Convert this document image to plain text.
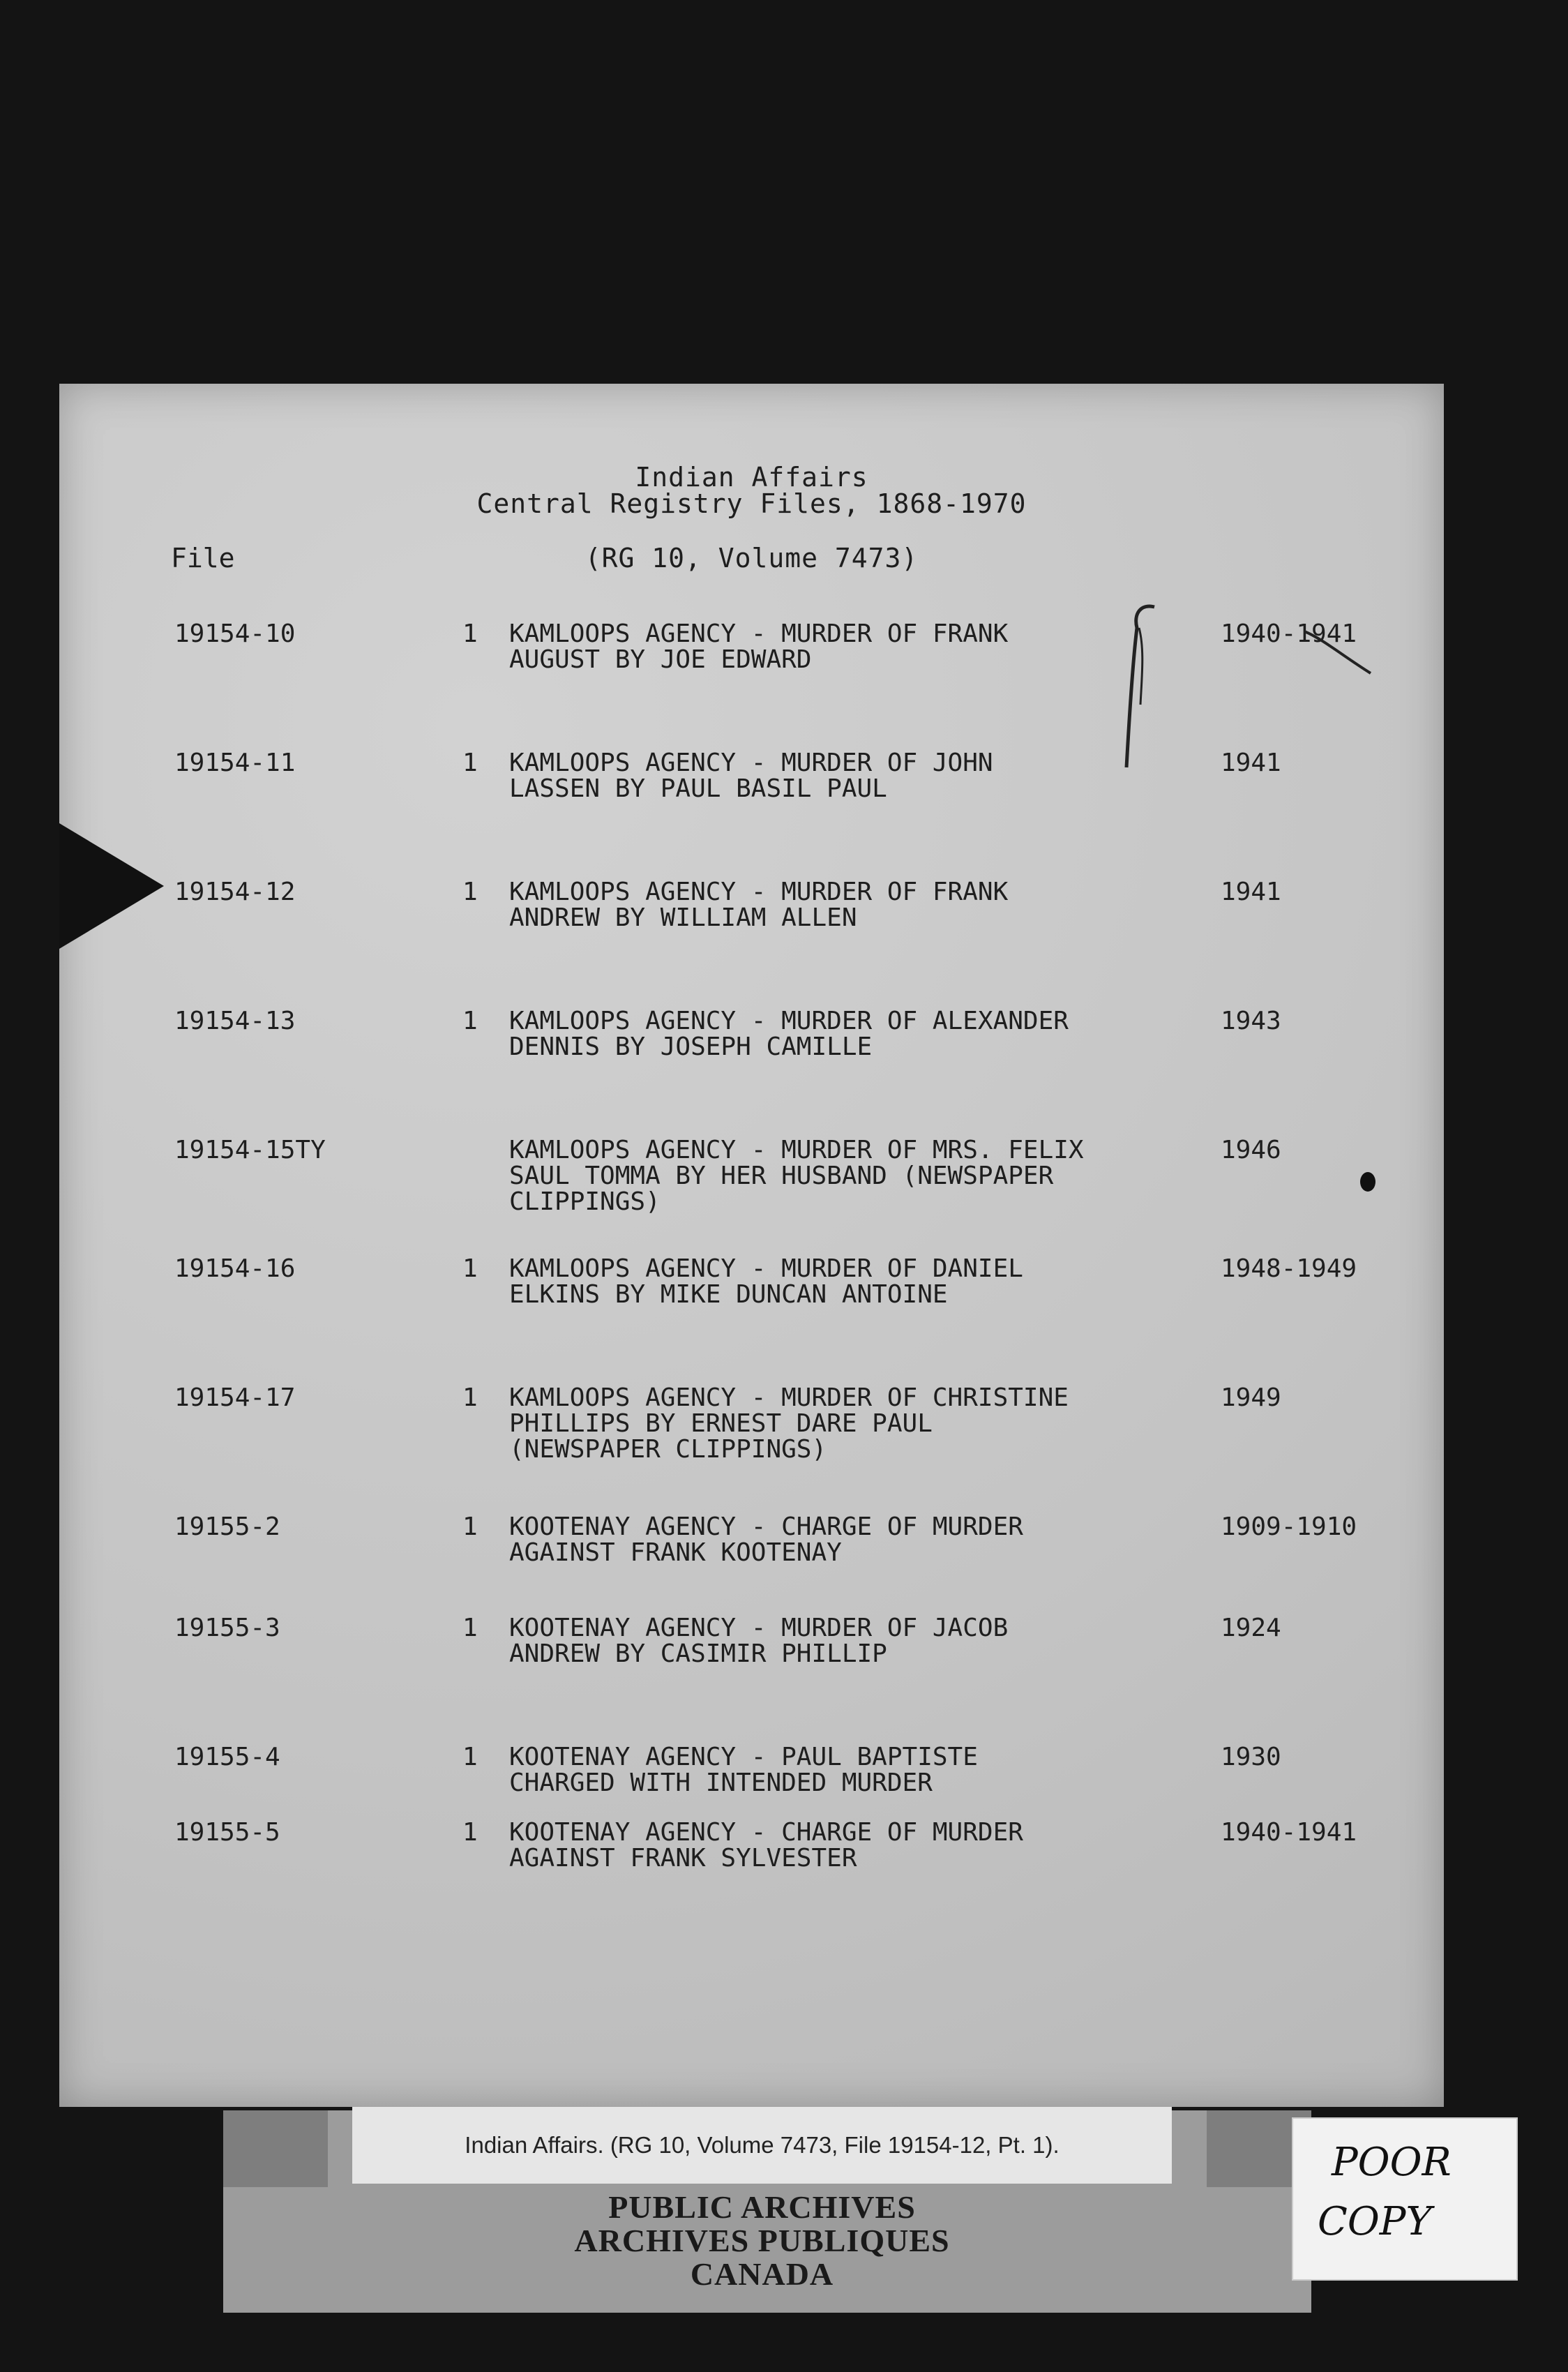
Indian Affairs
Central Registry Files, 1868-1970
(RG 10, Volume 7473)
File
19154-10	1 KAMLOOPS AGENCY - MURDER OF FRANK
AUGUST BY JOE EDWARD
1940-1941
19154-11	1 KAMLOOPS AGENCY - MURDER OF JOHN
LASSEN BY PAUL BASIL PAUL
1941
19154-12	1 KAMLOOPS AGENCY - MURDER OF FRANK
ANDREW BY WILLIAM ALLEN
1941
19154-13	1 KAMLOOPS AGENCY - MURDER OF ALEXANDER
DENNIS BY JOSEPH CAMILLE
1943
19154-15TY	KAMLOOPS AGENCY - MURDER OF MRS. FELIX
SAUL TOMMA BY HER HUSBAND (NEWSPAPER
CLIPPINGS)
1946
19154-16	1 KAMLOOPS AGENCY - MURDER OF DANIEL
ELKINS BY MIKE DUNCAN ANTOINE
1948-1949
19154-17	1 KAMLOOPS AGENCY - MURDER OF CHRISTINE
PHILLIPS BY ERNEST DARE PAUL
(NEWSPAPER CLIPPINGS)
1949
19155-2	1 KOOTENAY AGENCY - CHARGE OF MURDER
AGAINST FRANK KOOTENAY
1909-1910
19155-3	1 KOOTENAY AGENCY - MURDER OF JACOB
ANDREW BY CASIMIR PHILLIP
1924
19155-4	1 KOOTENAY AGENCY - PAUL BAPTISTE
CHARGED WITH INTENDED MURDER
1930
19155-5	1 KOOTENAY AGENCY - CHARGE OF MURDER
AGAINST FRANK SYLVESTER
1940-1941
Indian Affairs. (RG 10, Volume 7473, File 19154-12, Pt. 1).
PUBLIC ARCHIVES
ARCHIVES PUBLIQUES
CANADA
POOR
COPY
